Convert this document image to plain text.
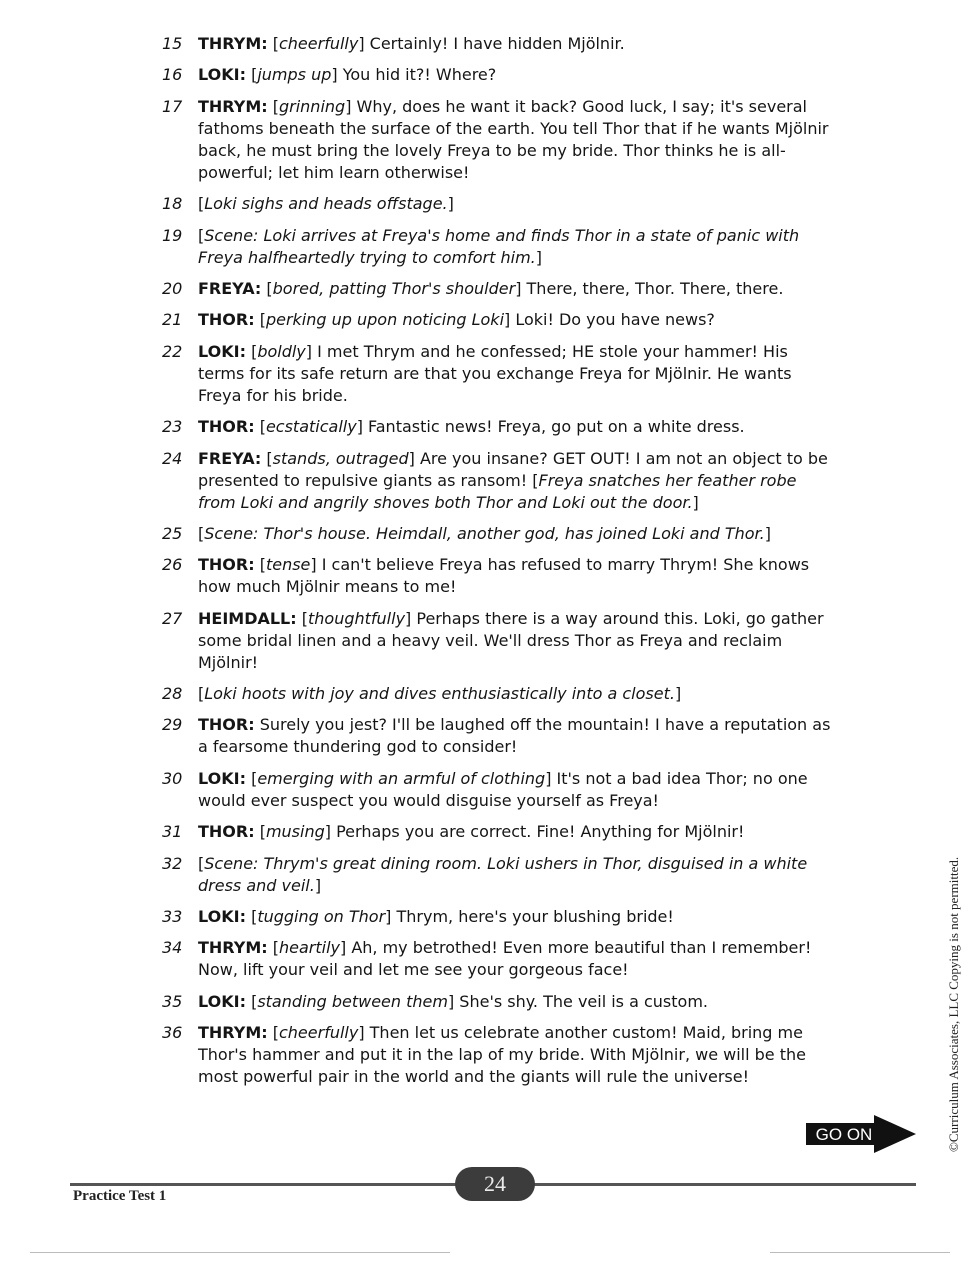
15 THRYM: [cheerfully] Certainly! I have hidden Mjölnir.
16 LOKI: [jumps up] You hid it?! Where?
17 THRYM: [grinning] Why, does he want it back? Good luck, I say; it's several fathoms beneath the surface of the earth. You tell Thor that if he wants Mjölnir back, he must bring the lovely Freya to be my bride. Thor thinks he is all-powerful; let him learn otherwise!
18 [Loki sighs and heads offstage.]
19 [Scene: Loki arrives at Freya's home and finds Thor in a state of panic with Freya halfheartedly trying to comfort him.]
20 FREYA: [bored, patting Thor's shoulder] There, there, Thor. There, there.
21 THOR: [perking up upon noticing Loki] Loki! Do you have news?
22 LOKI: [boldly] I met Thrym and he confessed; HE stole your hammer! His terms for its safe return are that you exchange Freya for Mjölnir. He wants Freya for his bride.
23 THOR: [ecstatically] Fantastic news! Freya, go put on a white dress.
24 FREYA: [stands, outraged] Are you insane? GET OUT! I am not an object to be presented to repulsive giants as ransom! [Freya snatches her feather robe from Loki and angrily shoves both Thor and Loki out the door.]
25 [Scene: Thor's house. Heimdall, another god, has joined Loki and Thor.]
26 THOR: [tense] I can't believe Freya has refused to marry Thrym! She knows how much Mjölnir means to me!
27 HEIMDALL: [thoughtfully] Perhaps there is a way around this. Loki, go gather some bridal linen and a heavy veil. We'll dress Thor as Freya and reclaim Mjölnir!
28 [Loki hoots with joy and dives enthusiastically into a closet.]
29 THOR: Surely you jest? I'll be laughed off the mountain! I have a reputation as a fearsome thundering god to consider!
30 LOKI: [emerging with an armful of clothing] It's not a bad idea Thor; no one would ever suspect you would disguise yourself as Freya!
31 THOR: [musing] Perhaps you are correct. Fine! Anything for Mjölnir!
32 [Scene: Thrym's great dining room. Loki ushers in Thor, disguised in a white dress and veil.]
33 LOKI: [tugging on Thor] Thrym, here's your blushing bride!
34 THRYM: [heartily] Ah, my betrothed! Even more beautiful than I remember! Now, lift your veil and let me see your gorgeous face!
35 LOKI: [standing between them] She's shy. The veil is a custom.
36 THRYM: [cheerfully] Then let us celebrate another custom! Maid, bring me Thor's hammer and put it in the lap of my bride. With Mjölnir, we will be the most powerful pair in the world and the giants will rule the universe!
GO ON	©Curriculum Associates, LLC Copying is not permitted.
24
Practice Test 1
